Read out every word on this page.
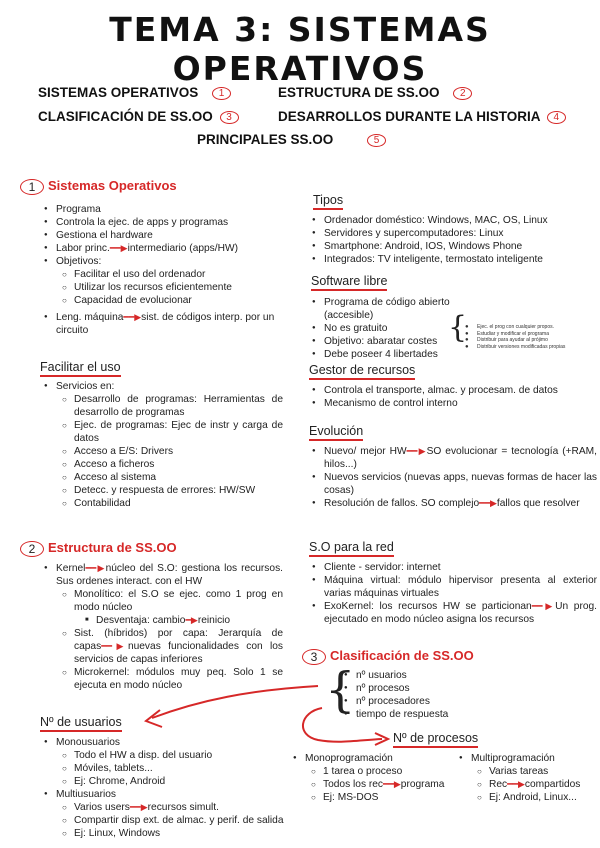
TEMA 3: SISTEMAS OPERATIVOS
SISTEMAS OPERATIVOS 1	ESTRUCTURA DE SS.OO 2
CLASIFICACIÓN DE SS.OO 3	DESARROLLOS DURANTE LA HISTORIA 4
PRINCIPALES SS.OO	5
1 Sistemas Operativos
● Programa
● Controla la ejec. de apps y programas
● Gestiona el hardware
● Labor princ.━━▶intermediario (apps/HW)
● Objetivos:
○ Facilitar el uso del ordenador
○ Utilizar los recursos eficientemente
○ Capacidad de evolucionar
● Leng. máquina━━▶sist. de códigos interp. por un circuito
Facilitar el uso
● Servicios en:
○ Desarrollo de programas: Herramientas de desarrollo de programas
○ Ejec. de programas: Ejec de instr y carga de datos
○ Acceso a E/S: Drivers
○ Acceso a ficheros
○ Acceso al sistema
○ Detecc. y respuesta de errores: HW/SW
○ Contabilidad
Tipos
● Ordenador doméstico: Windows, MAC, OS, Linux
● Servidores y supercomputadores: Linux
● Smartphone: Android, IOS, Windows Phone
● Integrados: TV inteligente, termostato inteligente
Software libre
● Programa de código abierto (accesible)
● No es gratuito
● Objetivo: abaratar costes
● Debe poseer 4 libertades
{	● Ejec. el prog con cualquier propos.
● Estudiar y modificar el programa
● Distribuir para ayudar al prójimo
● Distribuir versiones modificadas propias
Gestor de recursos
● Controla el transporte, almac. y procesam. de datos
● Mecanismo de control interno
Evolución
● Nuevo/ mejor HW━━▶SO evolucionar = tecnología (+RAM, hilos...)
● Nuevos servicios (nuevas apps, nuevas formas de hacer las cosas)
● Resolución de fallos. SO complejo━━▶fallos que resolver
2 Estructura de SS.OO
● Kernel━━▶núcleo del S.O: gestiona los recursos. Sus ordenes interact. con el HW
○ Monolítico: el S.O se ejec. como 1 prog en modo núcleo
■ Desventaja: cambio━▶reinicio
○ Sist. (híbridos) por capa: Jerarquía de capas━━▶nuevas funcionalidades con los servicios de capas inferiores
○ Microkernel: módulos muy peq. Solo 1 se ejecuta en modo núcleo
S.O para la red
● Cliente - servidor: internet
● Máquina virtual: módulo hipervisor presenta al exterior varias máquinas virtuales
● ExoKernel: los recursos HW se particionan━━▶Un prog. ejecutado en modo núcleo asigna los recursos
3 Clasificación de SS.OO
{ ● nº usuarios
● nº procesos
● nº procesadores
● tiempo de respuesta
Nº de usuarios
● Monousuarios
○ Todo el HW a disp. del usuario
○ Móviles, tablets...
○ Ej: Chrome, Android
● Multiusuarios
○ Varios users━━▶recursos simult.
○ Compartir disp ext. de almac. y perif. de salida
○ Ej: Linux, Windows
Nº de procesos
● Monoprogramación
○ 1 tarea o proceso
○ Todos los rec━━▶programa
○ Ej: MS-DOS
● Multiprogramación
○ Varias tareas
○ Rec━━▶compartidos
○ Ej: Android, Linux...
